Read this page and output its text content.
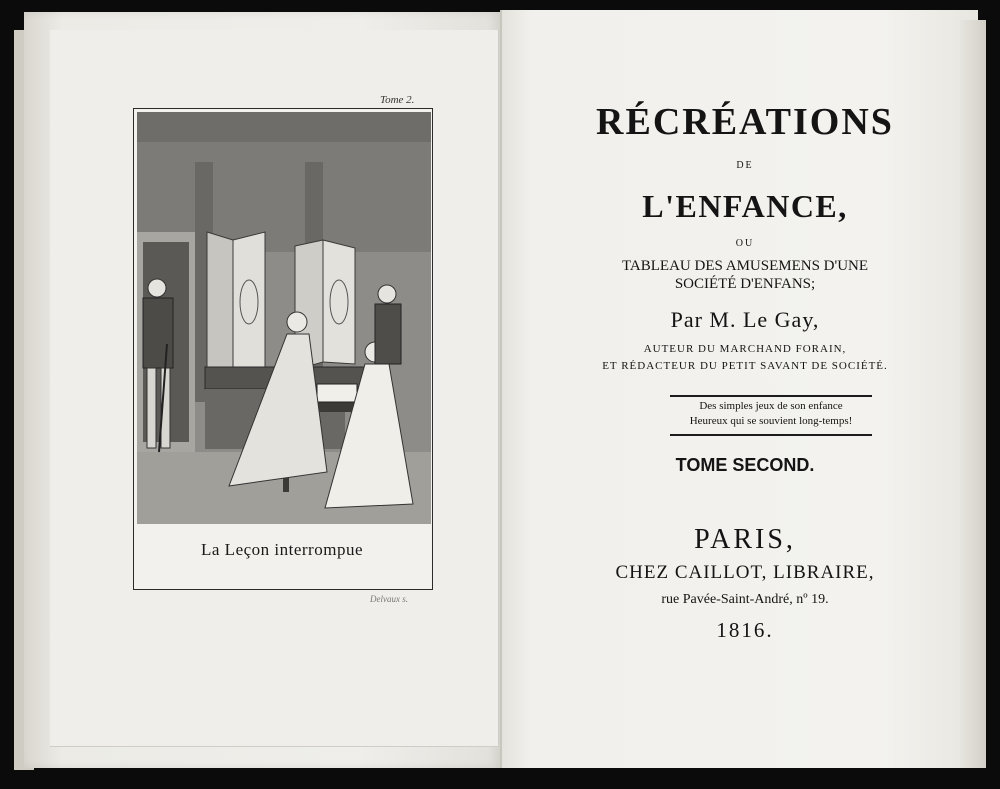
Tome 2.
La Leçon interrompue
Delvaux s.
RÉCRÉATIONS
DE
L'ENFANCE,
OU
TABLEAU DES AMUSEMENS D'UNE
SOCIÉTÉ D'ENFANS;
Par M. Le Gay,
AUTEUR DU MARCHAND FORAIN,
ET RÉDACTEUR DU PETIT SAVANT DE SOCIÉTÉ.
Des simples jeux de son enfance
Heureux qui se souvient long-temps!
TOME SECOND.
PARIS,
CHEZ CAILLOT, LIBRAIRE,
rue Pavée-Saint-André, nº 19.
1816.
